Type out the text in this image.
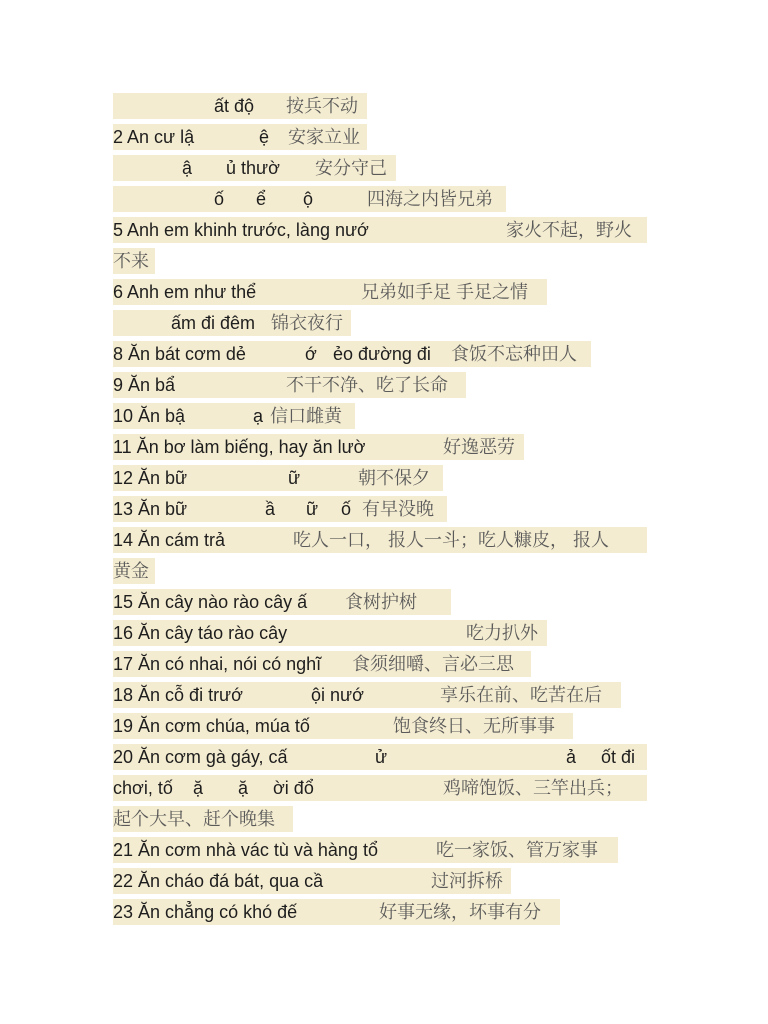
ất độ 按兵不动
2 An cư lậ	ệ 安家立业
ậ ủ thườ 安分守己
ố ể ộ	四海之内皆兄弟
5 Anh em khinh trước, làng nướ	家火不起，野火
不来
6 Anh em như thể	兄弟如手足 手足之情
ấm đi đêm 锦衣夜行
8 Ăn bát cơm dẻ	ớ ẻo đường đi 食饭不忘种田人
9 Ăn bẩ	不干不净、吃了长命
10 Ăn bậ	ạ 信口雌黄
11 Ăn bơ làm biếng, hay ăn lườ	好逸恶劳
12 Ăn bữ	ữ	朝不保夕
13 Ăn bữ	ầ ữ ố 有早没晚
14 Ăn cám trả	吃人一口， 报人一斗；吃人糠皮， 报人
黄金
15 Ăn cây nào rào cây ấ 食树护树
16 Ăn cây táo rào cây	吃力扒外
17 Ăn có nhai, nói có nghĩ 食须细嚼、言必三思
18 Ăn cỗ đi trướ	ội nướ	享乐在前、吃苦在后
19 Ăn cơm chúa, múa tố	饱食终日、无所事事
20 Ăn cơm gà gáy, cấ	ử	ả ốt đi
chơi, tố ặ ặ ời đổ	鸡啼饱饭、三竿出兵；
起个大早、赶个晚集
21 Ăn cơm nhà vác tù và hàng tổ	吃一家饭、管万家事
22 Ăn cháo đá bát, qua cầ	过河拆桥
23 Ăn chẳng có khó đế	好事无缘，坏事有分
